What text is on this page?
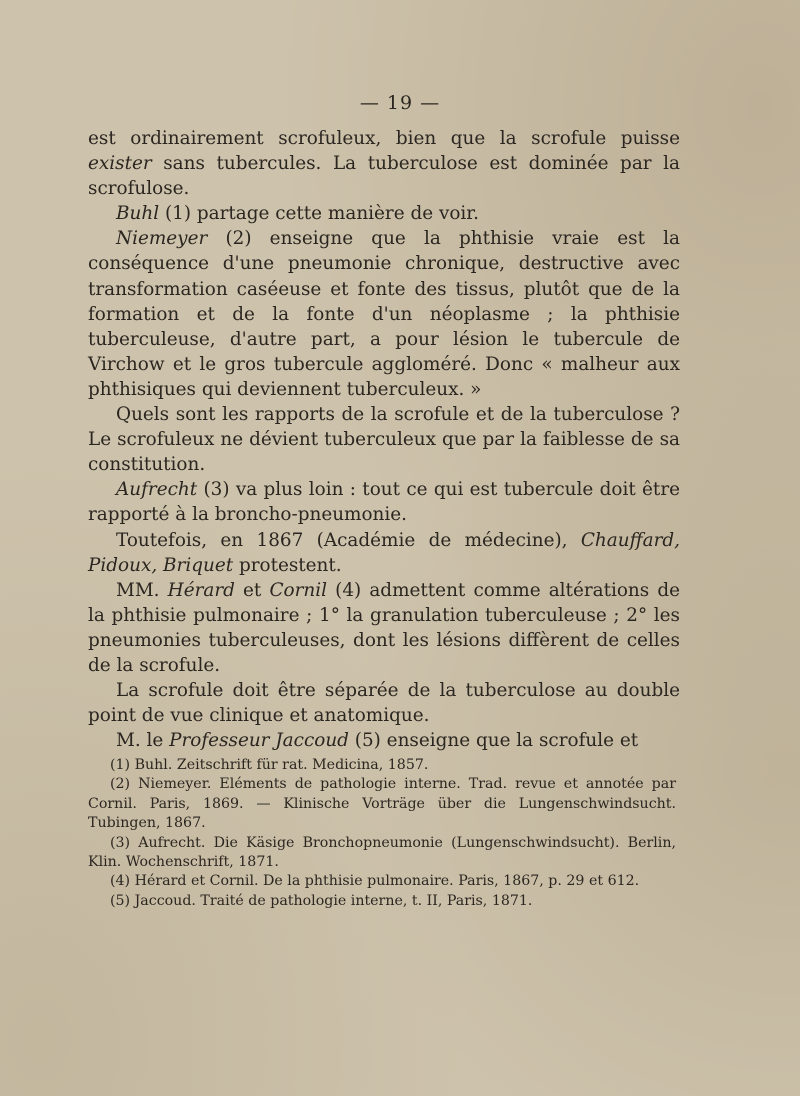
— 19 —

est ordinairement scrofuleux, bien que la scrofule puisse exister sans tubercules. La tuberculose est dominée par la scrofulose.

Buhl (1) partage cette manière de voir.

Niemeyer (2) enseigne que la phthisie vraie est la conséquence d'une pneumonie chronique, destructive avec transformation caséeuse et fonte des tissus, plutôt que de la formation et de la fonte d'un néoplasme ; la phthisie tuberculeuse, d'autre part, a pour lésion le tubercule de Virchow et le gros tubercule aggloméré. Donc « malheur aux phthisiques qui deviennent tuberculeux. »

Quels sont les rapports de la scrofule et de la tuberculose ? Le scrofuleux ne dévient tuberculeux que par la faiblesse de sa constitution.

Aufrecht (3) va plus loin : tout ce qui est tubercule doit être rapporté à la broncho-pneumonie.

Toutefois, en 1867 (Académie de médecine), Chauffard, Pidoux, Briquet protestent.

MM. Hérard et Cornil (4) admettent comme altérations de la phthisie pulmonaire ; 1° la granulation tuberculeuse ; 2° les pneumonies tuberculeuses, dont les lésions diffèrent de celles de la scrofule.

La scrofule doit être séparée de la tuberculose au double point de vue clinique et anatomique.

M. le Professeur Jaccoud (5) enseigne que la scrofule et

(1) Buhl. Zeitschrift für rat. Medicina, 1857.

(2) Niemeyer. Eléments de pathologie interne. Trad. revue et annotée par Cornil. Paris, 1869. — Klinische Vorträge über die Lungenschwindsucht. Tubingen, 1867.

(3) Aufrecht. Die Käsige Bronchopneumonie (Lungenschwindsucht). Berlin, Klin. Wochenschrift, 1871.

(4) Hérard et Cornil. De la phthisie pulmonaire. Paris, 1867, p. 29 et 612.

(5) Jaccoud. Traité de pathologie interne, t. II, Paris, 1871.
